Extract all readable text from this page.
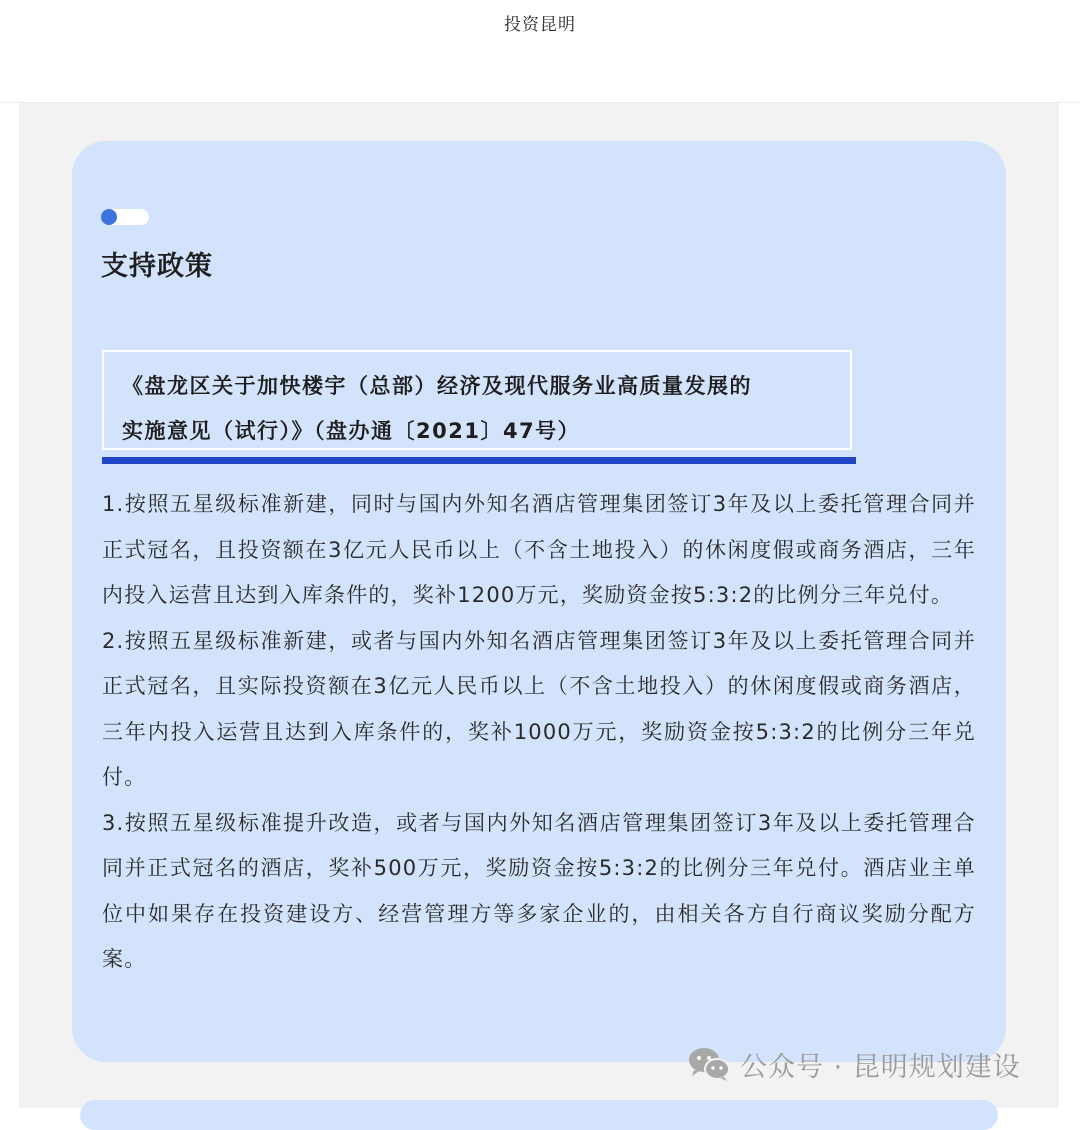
投资昆明
支持政策
《盘龙区关于加快楼宇（总部）经济及现代服务业高质量发展的
实施意见（试行）》（盘办通〔2021〕47号）

1.按照五星级标准新建，同时与国内外知名酒店管理集团签订3年及以上委托管理合同并正式冠名，且投资额在3亿元人民币以上（不含土地投入）的休闲度假或商务酒店，三年内投入运营且达到入库条件的，奖补1200万元，奖励资金按5:3:2的比例分三年兑付。

2.按照五星级标准新建，或者与国内外知名酒店管理集团签订3年及以上委托管理合同并正式冠名，且实际投资额在3亿元人民币以上（不含土地投入）的休闲度假或商务酒店，三年内投入运营且达到入库条件的，奖补1000万元，奖励资金按5:3:2的比例分三年兑付。

3.按照五星级标准提升改造，或者与国内外知名酒店管理集团签订3年及以上委托管理合同并正式冠名的酒店，奖补500万元，奖励资金按5:3:2的比例分三年兑付。酒店业主单位中如果存在投资建设方、经营管理方等多家企业的，由相关各方自行商议奖励分配方案。

公众号 · 昆明规划建设
